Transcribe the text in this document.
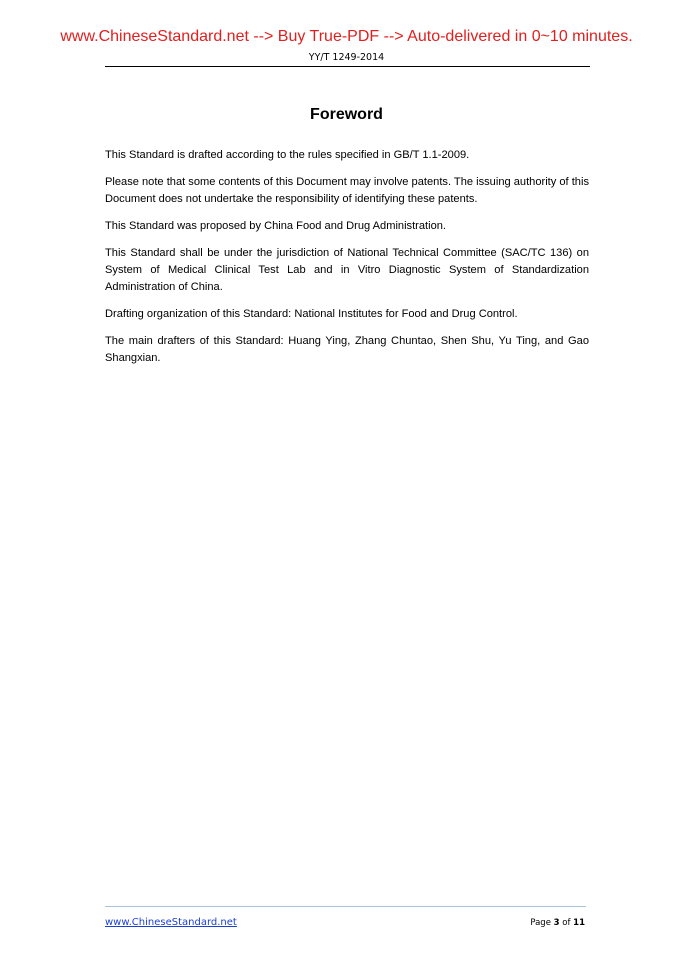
www.ChineseStandard.net --> Buy True-PDF --> Auto-delivered in 0~10 minutes.
YY/T 1249-2014
Foreword

This Standard is drafted according to the rules specified in GB/T 1.1-2009.

Please note that some contents of this Document may involve patents. The issuing authority of this Document does not undertake the responsibility of identifying these patents.

This Standard was proposed by China Food and Drug Administration.

This Standard shall be under the jurisdiction of National Technical Committee (SAC/TC 136) on System of Medical Clinical Test Lab and in Vitro Diagnostic System of Standardization Administration of China.

Drafting organization of this Standard: National Institutes for Food and Drug Control.

The main drafters of this Standard: Huang Ying, Zhang Chuntao, Shen Shu, Yu Ting, and Gao Shangxian.

www.ChineseStandard.net	Page 3 of 11
